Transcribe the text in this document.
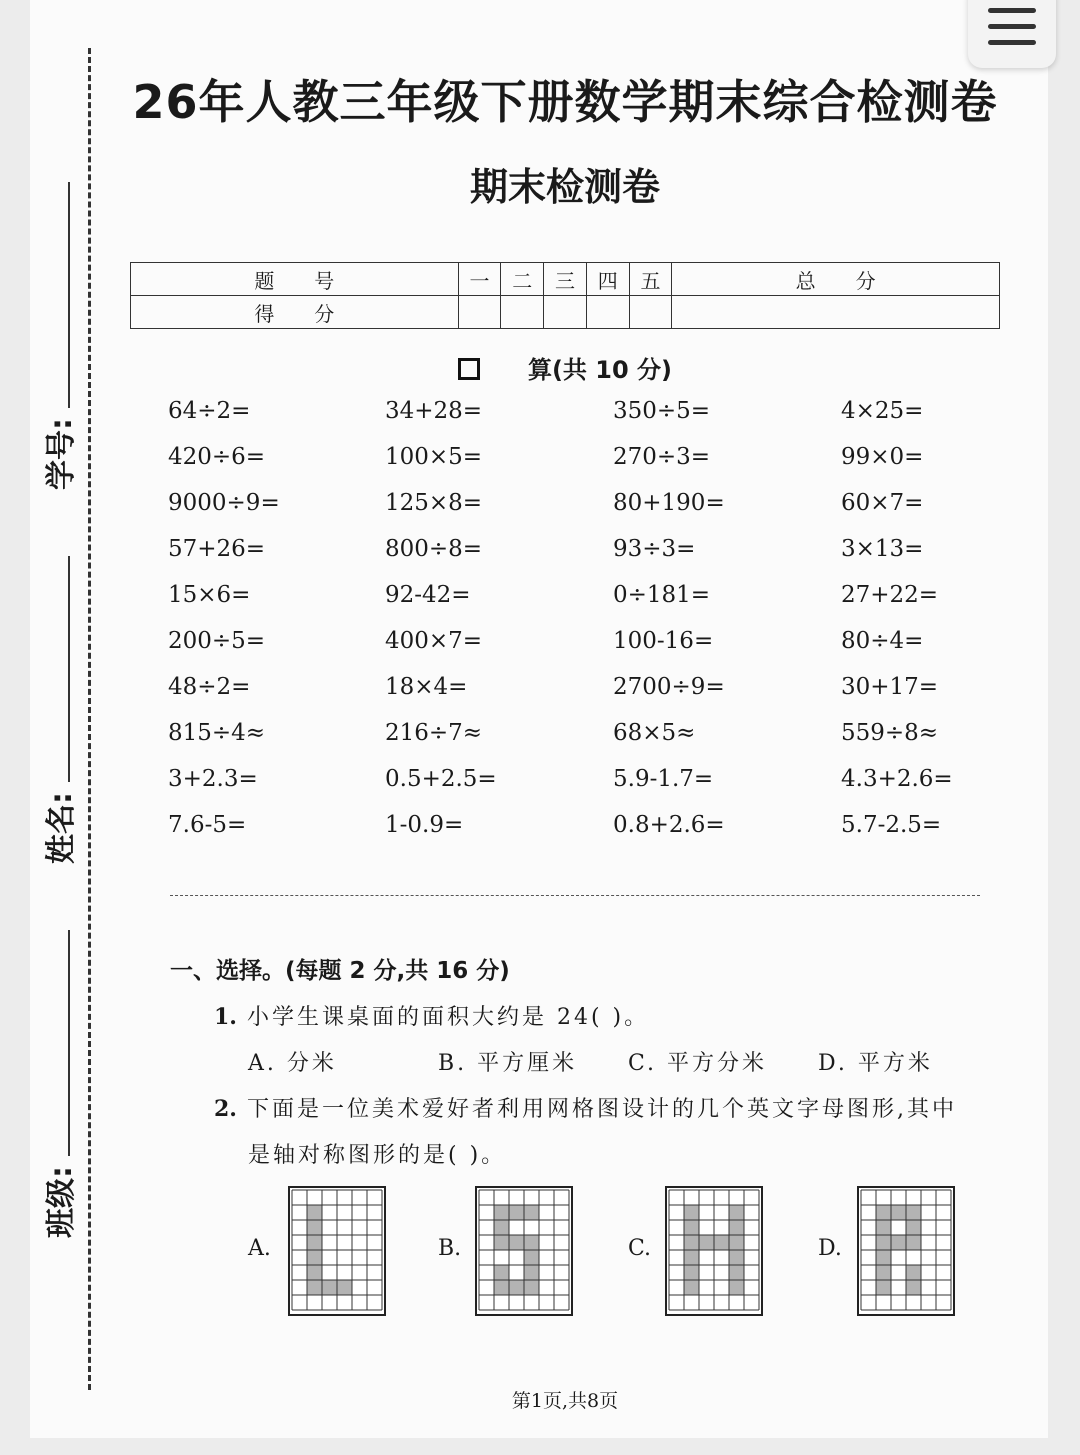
学号:
姓名:
班级:
26年人教三年级下册数学期末综合检测卷
期末检测卷
题号	一	二	三	四	五	总分
得分						
算(共 10 分)
64÷2=	34+28=	350÷5=	4×25=
420÷6=	100×5=	270÷3=	99×0=
9000÷9=	125×8=	80+190=	60×7=
57+26=	800÷8=	93÷3=	3×13=
15×6=	92-42=	0÷181=	27+22=
200÷5=	400×7=	100-16=	80÷4=
48÷2=	18×4=	2700÷9=	30+17=
815÷4≈	216÷7≈	68×5≈	559÷8≈
3+2.3=	0.5+2.5=	5.9-1.7=	4.3+2.6=
7.6-5=	1-0.9=	0.8+2.6=	5.7-2.5=
一、选择。(每题 2 分,共 16 分)
1. 小学生课桌面的面积大约是 24( )。
A. 分米	B. 平方厘米 C. 平方分米 D. 平方米
2. 下面是一位美术爱好者利用网格图设计的几个英文字母图形,其中
是轴对称图形的是( )。
A.	B.	C.	D.
第1页,共8页
